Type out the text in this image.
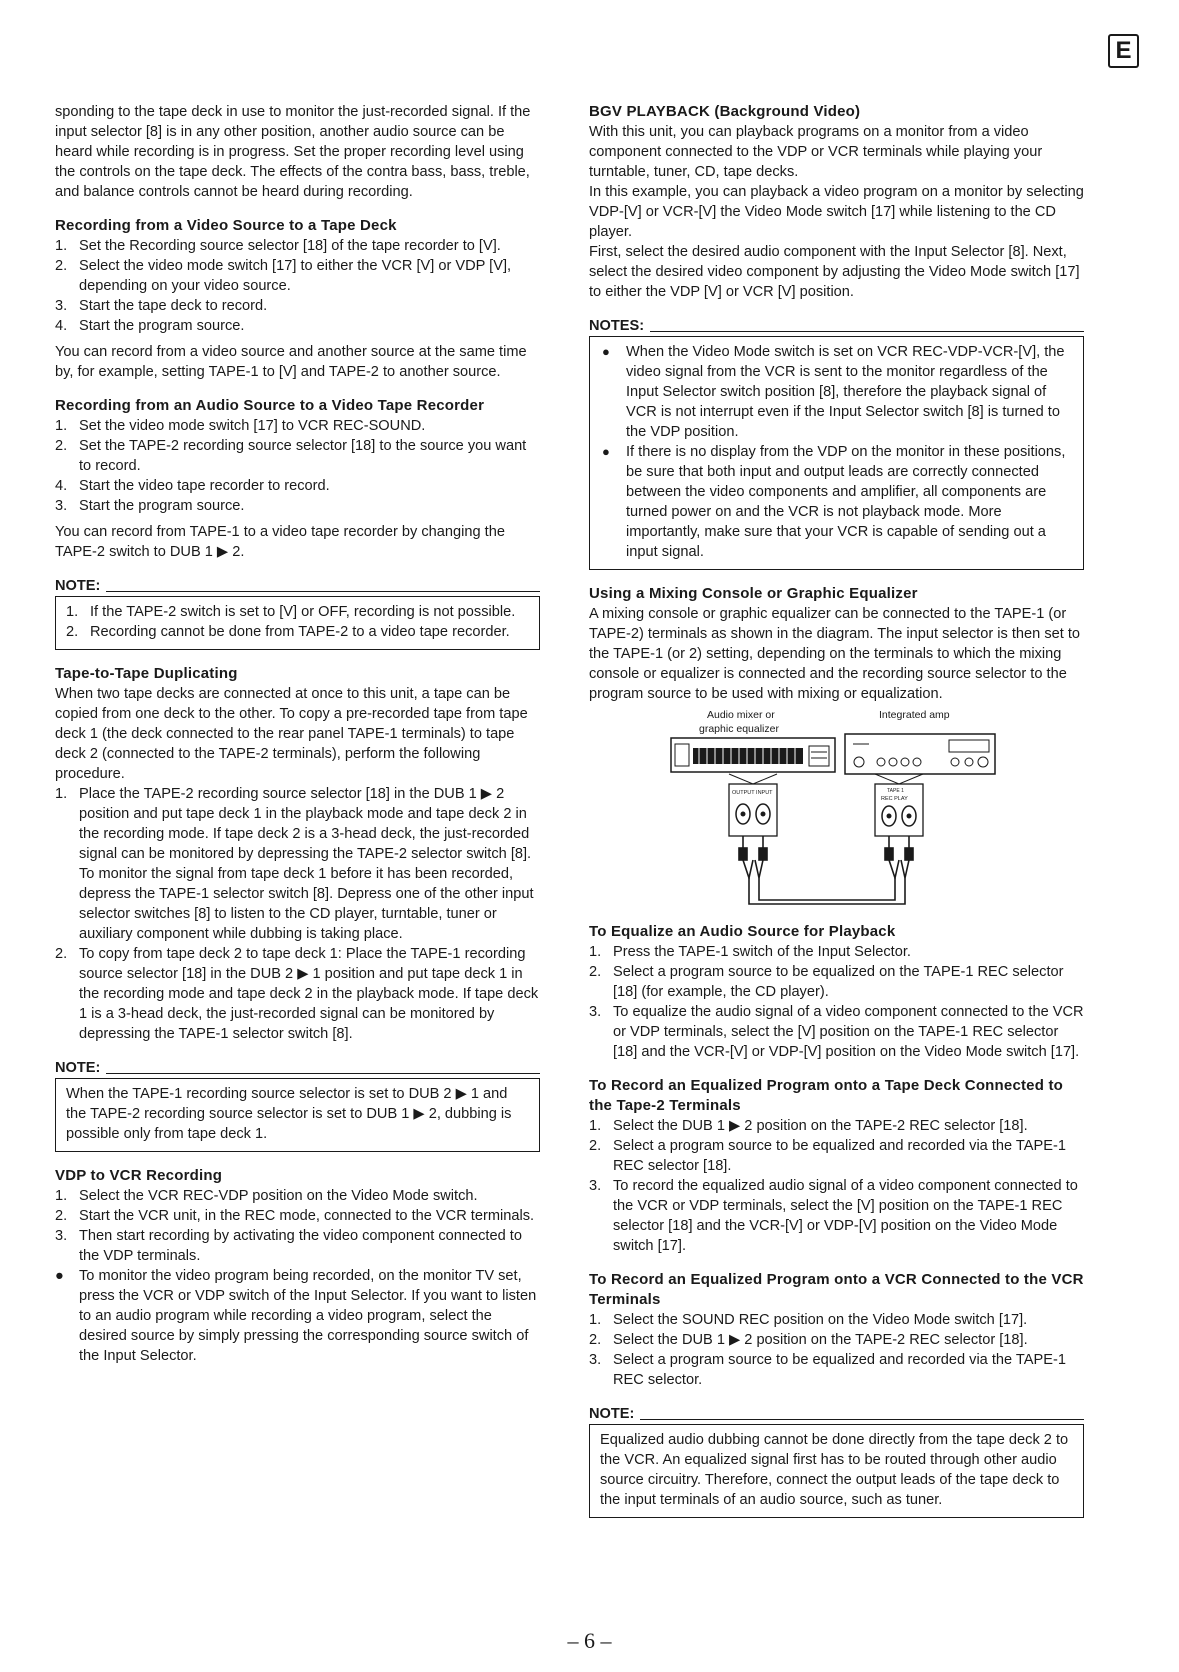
E

sponding to the tape deck in use to monitor the just-recorded signal. If the input selector [8] is in any other position, another audio source can be heard while recording is in progress. Set the proper recording level using the controls on the tape deck. The effects of the contra bass, bass, treble, and balance controls cannot be heard during recording.

Recording from a Video Source to a Tape Deck
1. Set the Recording source selector [18] of the tape recorder to [V].
2. Select the video mode switch [17] to either the VCR [V] or VDP [V], depending on your video source.
3. Start the tape deck to record.
4. Start the program source.

You can record from a video source and another source at the same time by, for example, setting TAPE-1 to [V] and TAPE-2 to another source.

Recording from an Audio Source to a Video Tape Recorder
1. Set the video mode switch [17] to VCR REC-SOUND.
2. Set the TAPE-2 recording source selector [18] to the source you want to record.
4. Start the video tape recorder to record.
3. Start the program source.

You can record from TAPE-1 to a video tape recorder by changing the TAPE-2 switch to DUB 1 ▶ 2.

NOTE:
1. If the TAPE-2 switch is set to [V] or OFF, recording is not possible.
2. Recording cannot be done from TAPE-2 to a video tape recorder.
Tape-to-Tape Duplicating

When two tape decks are connected at once to this unit, a tape can be copied from one deck to the other. To copy a pre-recorded tape from tape deck 1 (the deck connected to the rear panel TAPE-1 terminals) to tape deck 2 (connected to the TAPE-2 terminals), perform the following procedure.

1. Place the TAPE-2 recording source selector [18] in the DUB 1 ▶ 2 position and put tape deck 1 in the playback mode and tape deck 2 in the recording mode. If tape deck 2 is a 3-head deck, the just-recorded signal can be monitored by depressing the TAPE-2 selector switch [8]. To monitor the signal from tape deck 1 before it has been recorded, depress the TAPE-1 selector switch [8]. Depress one of the other input selector switches [8] to listen to the CD player, turntable, tuner or auxiliary component while dubbing is taking place.
2. To copy from tape deck 2 to tape deck 1: Place the TAPE-1 recording source selector [18] in the DUB 2 ▶ 1 position and put tape deck 1 in the recording mode and tape deck 2 in the playback mode. If tape deck 1 is a 3-head deck, the just-recorded signal can be monitored by depressing the TAPE-1 selector switch [8].
NOTE:

When the TAPE-1 recording source selector is set to DUB 2 ▶ 1 and the TAPE-2 recording source selector is set to DUB 1 ▶ 2, dubbing is possible only from tape deck 1.

VDP to VCR Recording
1. Select the VCR REC-VDP position on the Video Mode switch.
2. Start the VCR unit, in the REC mode, connected to the VCR terminals.
3. Then start recording by activating the video component connected to the VDP terminals.
● To monitor the video program being recorded, on the monitor TV set, press the VCR or VDP switch of the Input Selector. If you want to listen to an audio program while recording a video program, select the desired source by simply pressing the corresponding source switch of the Input Selector.
BGV PLAYBACK (Background Video)

With this unit, you can playback programs on a monitor from a video component connected to the VDP or VCR terminals while playing your turntable, tuner, CD, tape decks.

In this example, you can playback a video program on a monitor by selecting VDP-[V] or VCR-[V] the Video Mode switch [17] while listening to the CD player.

First, select the desired audio component with the Input Selector [8]. Next, select the desired video component by adjusting the Video Mode switch [17] to either the VDP [V] or VCR [V] position.

NOTES:
● When the Video Mode switch is set on VCR REC-VDP-VCR-[V], the video signal from the VCR is sent to the monitor regardless of the Input Selector switch position [8], therefore the playback signal of VCR is not interrupt even if the Input Selector switch [8] is turned to the VDP position.
● If there is no display from the VDP on the monitor in these positions, be sure that both input and output leads are correctly connected between the video components and amplifier, all components are turned power on and the VCR is not playback mode. More importantly, make sure that your VCR is capable of sending out a input signal.
Using a Mixing Console or Graphic Equalizer

A mixing console or graphic equalizer can be connected to the TAPE-1 (or TAPE-2) terminals as shown in the diagram. The input selector is then set to the TAPE-1 (or 2) setting, depending on the terminals to which the mixing console or equalizer is connected and the recording source selector to the program source to be used with mixing or equalization.

Audio mixer or
graphic equalizer
Integrated amp
OUTPUT INPUT	TAPE 1
REC PLAY
To Equalize an Audio Source for Playback
1. Press the TAPE-1 switch of the Input Selector.
2. Select a program source to be equalized on the TAPE-1 REC selector [18] (for example, the CD player).
3. To equalize the audio signal of a video component connected to the VCR or VDP terminals, select the [V] position on the TAPE-1 REC selector [18] and the VCR-[V] or VDP-[V] position on the Video Mode switch [17].
To Record an Equalized Program onto a Tape Deck Connected to the Tape-2 Terminals
1. Select the DUB 1 ▶ 2 position on the TAPE-2 REC selector [18].
2. Select a program source to be equalized and recorded via the TAPE-1 REC selector [18].
3. To record the equalized audio signal of a video component connected to the VCR or VDP terminals, select the [V] position on the TAPE-1 REC selector [18] and the VCR-[V] or VDP-[V] position on the Video Mode switch [17].
To Record an Equalized Program onto a VCR Connected to the VCR Terminals
1. Select the SOUND REC position on the Video Mode switch [17].
2. Select the DUB 1 ▶ 2 position on the TAPE-2 REC selector [18].
3. Select a program source to be equalized and recorded via the TAPE-1 REC selector.
NOTE:

Equalized audio dubbing cannot be done directly from the tape deck 2 to the VCR. An equalized signal first has to be routed through other audio source circuitry. Therefore, connect the output leads of the tape deck to the input terminals of an audio source, such as tuner.

– 6 –
